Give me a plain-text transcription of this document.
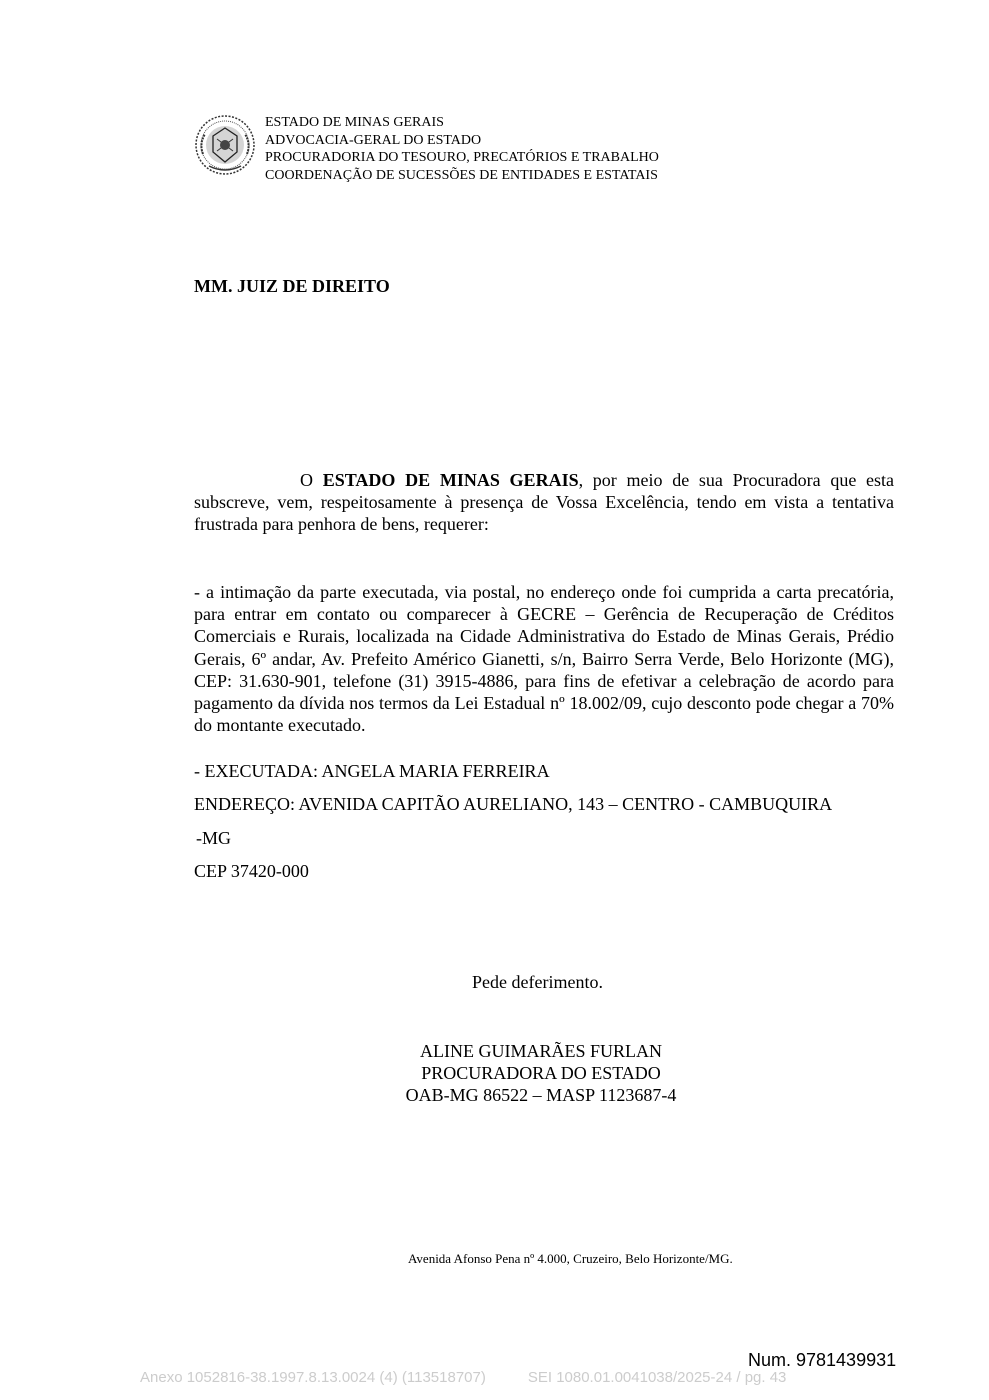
ESTADO DE MINAS GERAIS
ADVOCACIA-GERAL DO ESTADO
PROCURADORIA DO TESOURO, PRECATÓRIOS E TRABALHO
COORDENAÇÃO DE SUCESSÕES DE ENTIDADES E ESTATAIS
MM. JUIZ DE DIREITO
O ESTADO DE MINAS GERAIS, por meio de sua Procuradora que esta subscreve, vem, respeitosamente à presença de Vossa Excelência, tendo em vista a tentativa frustrada para penhora de bens, requerer:
- a intimação da parte executada, via postal, no endereço onde foi cumprida a carta precatória, para entrar em contato ou comparecer à GECRE – Gerência de Recuperação de Créditos Comerciais e Rurais, localizada na Cidade Administrativa do Estado de Minas Gerais, Prédio Gerais, 6º andar, Av. Prefeito Américo Gianetti, s/n, Bairro Serra Verde, Belo Horizonte (MG), CEP: 31.630-901, telefone (31) 3915-4886, para fins de efetivar a celebração de acordo para pagamento da dívida nos termos da Lei Estadual nº 18.002/09, cujo desconto pode chegar a 70% do montante executado.
- EXECUTADA: ANGELA MARIA FERREIRA
ENDEREÇO: AVENIDA CAPITÃO AURELIANO, 143 – CENTRO - CAMBUQUIRA
-MG
CEP 37420-000
Pede deferimento.
ALINE GUIMARÃES FURLAN
PROCURADORA DO ESTADO
OAB-MG 86522 – MASP 1123687-4
Avenida Afonso Pena nº 4.000, Cruzeiro, Belo Horizonte/MG.
Num. 9781439931
Anexo 1052816-38.1997.8.13.0024 (4) (113518707)	SEI 1080.01.0041038/2025-24 / pg. 43
